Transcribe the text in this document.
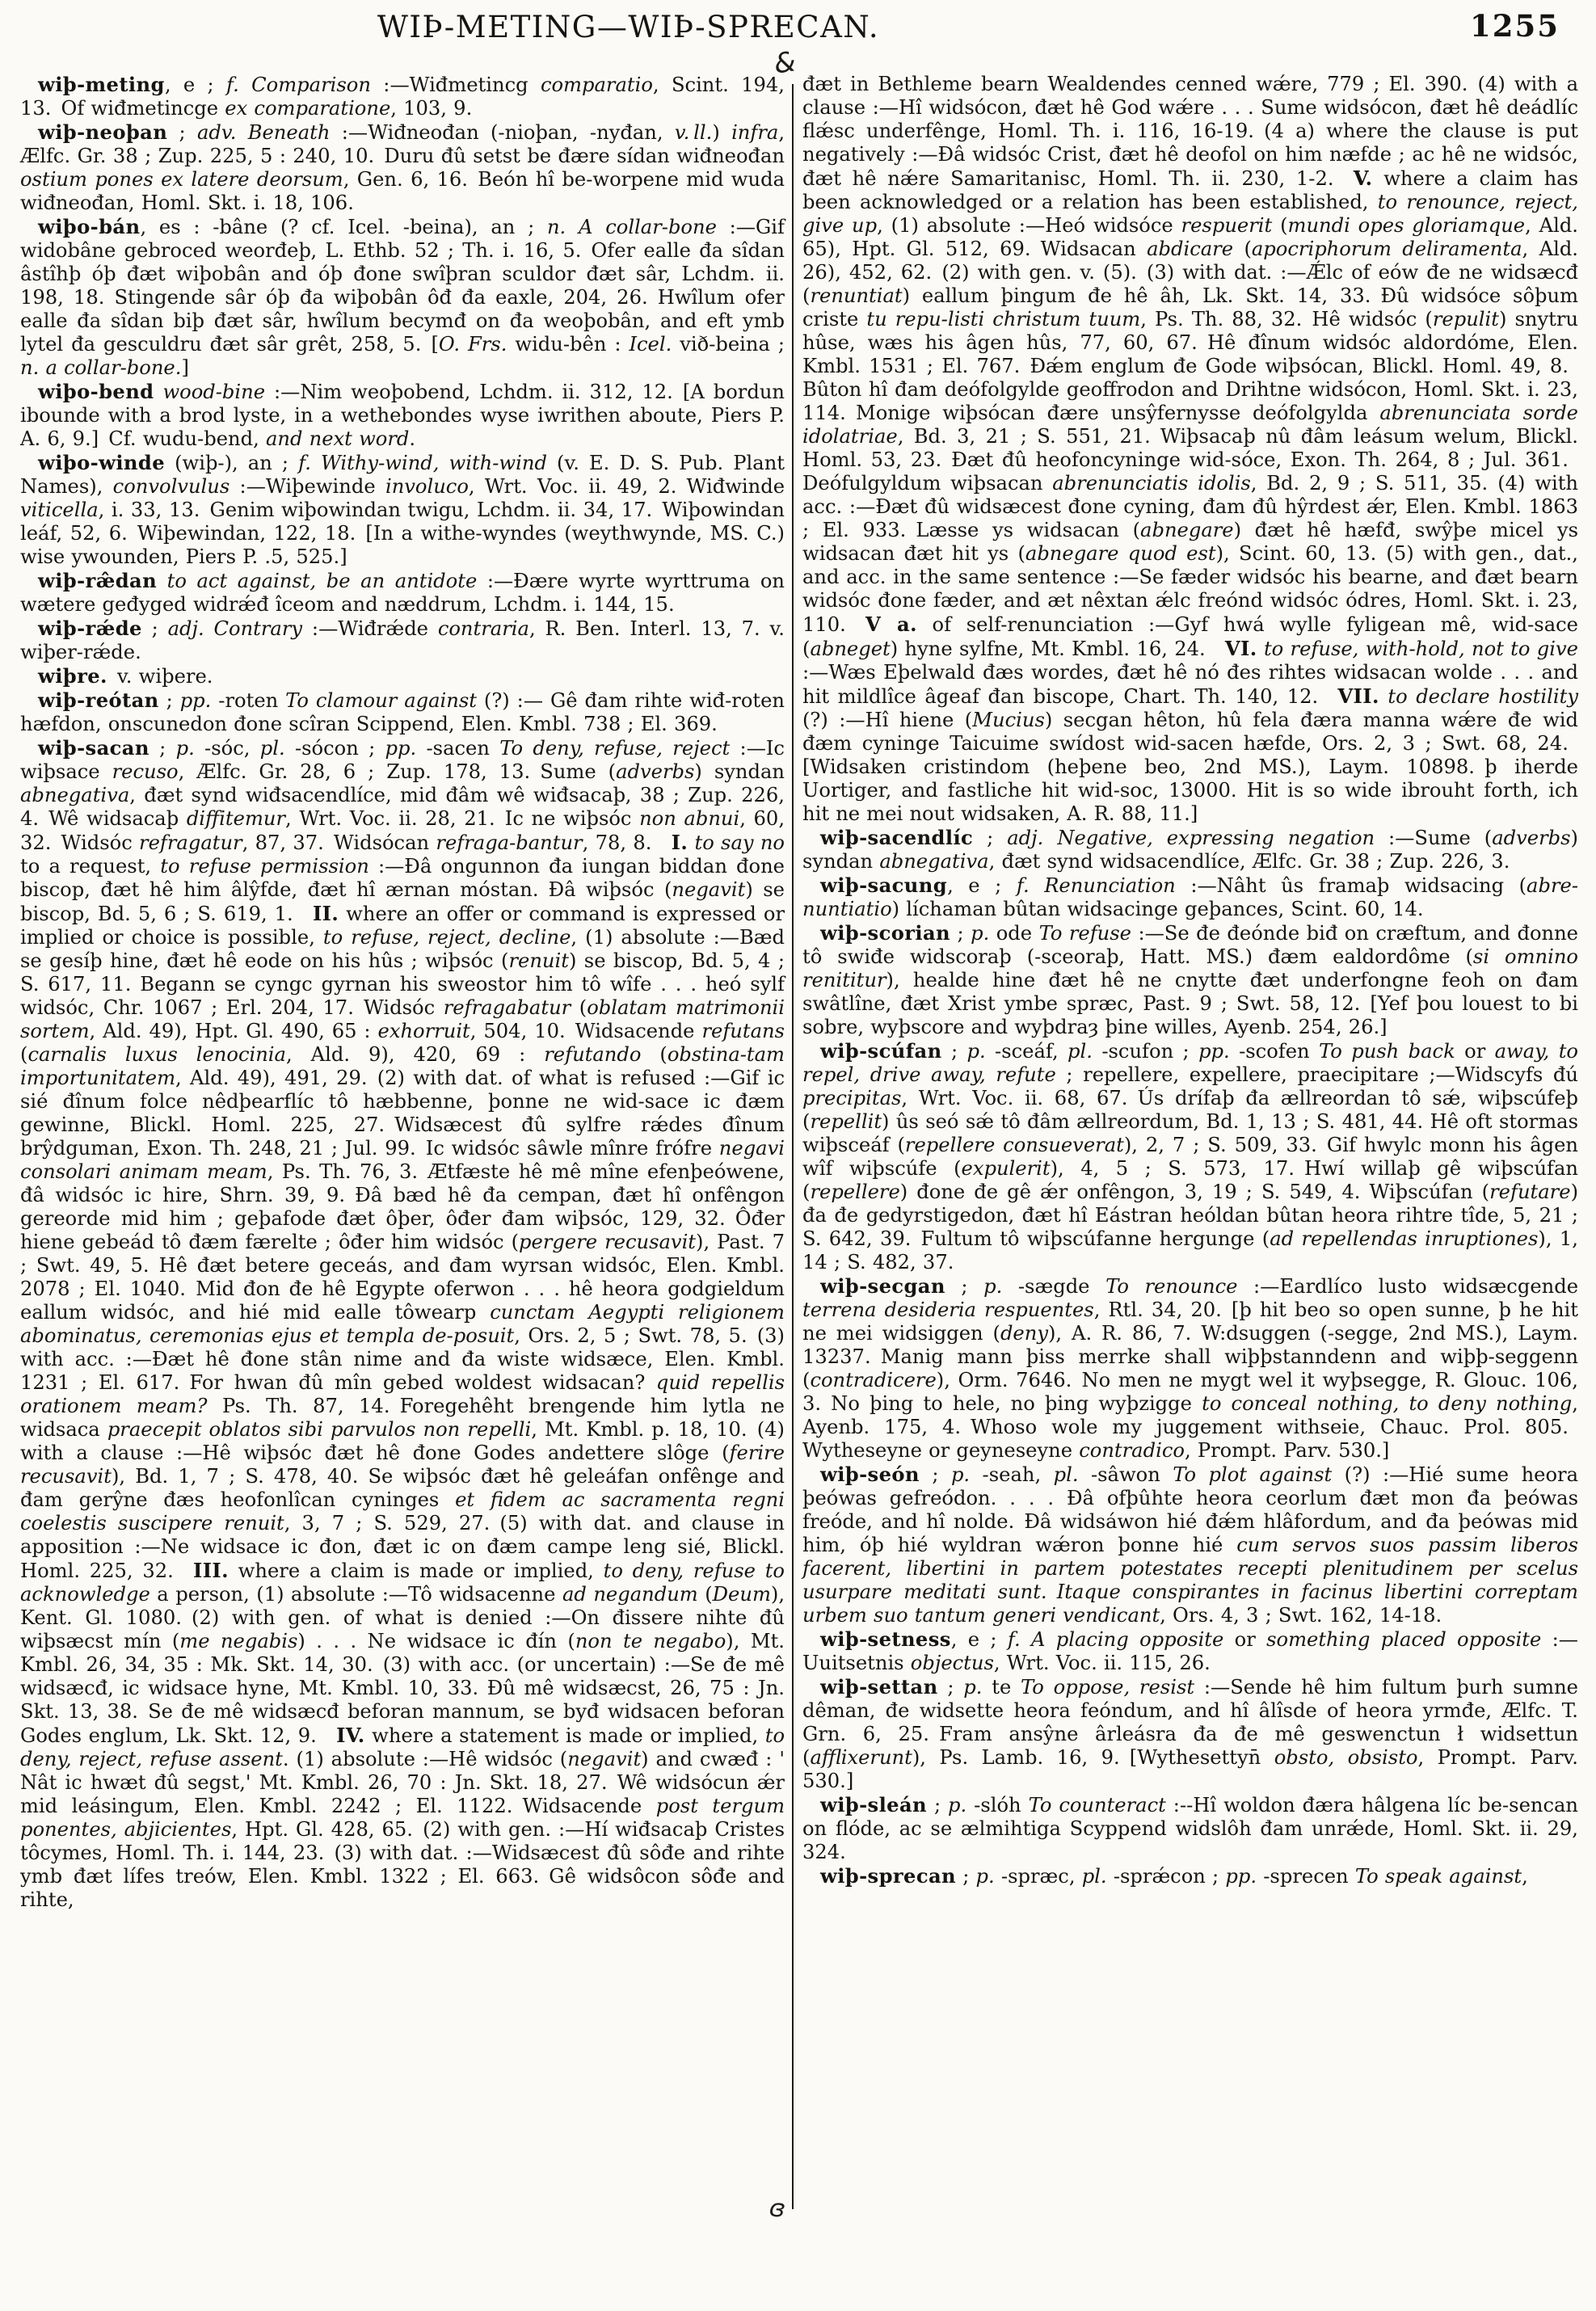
WIÞ-METING—WIÞ-SPRECAN.	1255
&
ɞ

wiþ-meting, e ; f. Comparison :—Wiđmetincg comparatio, Scint. 194, 13. Of wiđmetincge ex comparatione, 103, 9.

wiþ-neoþan ; adv. Beneath :—Wiđneođan (-nioþan, -nyđan, v. ll.) infra, Ælfc. Gr. 38 ; Zup. 225, 5 : 240, 10. Duru đû setst be đære sídan wiđneođan ostium pones ex latere deorsum, Gen. 6, 16. Beón hî be-worpene mid wuda wiđneođan, Homl. Skt. i. 18, 106.

wiþo-bán, es : -bâne (? cf. Icel. -beina), an ; n. A collar-bone :—Gif widobâne gebroced weorđeþ, L. Ethb. 52 ; Th. i. 16, 5. Ofer ealle đa sîdan âstîhþ óþ đæt wiþobân and óþ đone swîþran sculdor đæt sâr, Lchdm. ii. 198, 18. Stingende sâr óþ đa wiþobân ôđ đa eaxle, 204, 26. Hwîlum ofer ealle đa sîdan biþ đæt sâr, hwîlum becymđ on đa weoþobân, and eft ymb lytel đa gesculdru đæt sâr grêt, 258, 5. [O. Frs. widu-bên : Icel. við-beina ; n. a collar-bone.]

wiþo-bend wood-bine :—Nim weoþobend, Lchdm. ii. 312, 12. [A bordun ibounde with a brod lyste, in a wethebondes wyse iwrithen aboute, Piers P. A. 6, 9.] Cf. wudu-bend, and next word.

wiþo-winde (wiþ-), an ; f. Withy-wind, with-wind (v. E. D. S. Pub. Plant Names), convolvulus :—Wiþewinde involuco, Wrt. Voc. ii. 49, 2. Wiđwinde viticella, i. 33, 13. Genim wiþowindan twigu, Lchdm. ii. 34, 17. Wiþowindan leáf, 52, 6. Wiþewindan, 122, 18. [In a withe-wyndes (weythwynde, MS. C.) wise ywounden, Piers P. .5, 525.]

wiþ-ræ̂dan to act against, be an antidote :—Đære wyrte wyrttruma on wætere geđyged widrǽđ îceom and næddrum, Lchdm. i. 144, 15.

wiþ-rǽde ; adj. Contrary :—Wiđrǽde contraria, R. Ben. Interl. 13, 7. v. wiþer-rǽde.

wiþre. v. wiþere.

wiþ-reótan ; pp. -roten To clamour against (?) :— Gê đam rihte wiđ-roten hæfdon, onscunedon đone scîran Scippend, Elen. Kmbl. 738 ; El. 369.

wiþ-sacan ; p. -sóc, pl. -sócon ; pp. -sacen To deny, refuse, reject :—Ic wiþsace recuso, Ælfc. Gr. 28, 6 ; Zup. 178, 13. Sume (adverbs) syndan abnegativa, đæt synd wiđsacendlíce, mid đâm wê wiđsacaþ, 38 ; Zup. 226, 4. Wê widsacaþ diffitemur, Wrt. Voc. ii. 28, 21. Ic ne wiþsóc non abnui, 60, 32. Widsóc refragatur, 87, 37. Widsócan refraga-bantur, 78, 8. I. to say no to a request, to refuse permission :—Đâ ongunnon đa iungan biddan đone biscop, đæt hê him âlŷfde, đæt hî ærnan móstan. Đâ wiþsóc (negavit) se biscop, Bd. 5, 6 ; S. 619, 1. II. where an offer or command is expressed or implied or choice is possible, to refuse, reject, decline, (1) absolute :—Bæd se gesíþ hine, đæt hê eode on his hûs ; wiþsóc (renuit) se biscop, Bd. 5, 4 ; S. 617, 11. Begann se cyngc gyrnan his sweostor him tô wîfe . . . heó sylf widsóc, Chr. 1067 ; Erl. 204, 17. Widsóc refragabatur (oblatam matrimonii sortem, Ald. 49), Hpt. Gl. 490, 65 : exhorruit, 504, 10. Widsacende refutans (carnalis luxus lenocinia, Ald. 9), 420, 69 : refutando (obstina-tam importunitatem, Ald. 49), 491, 29. (2) with dat. of what is refused :—Gif ic sié đînum folce nêdþearflíc tô hæbbenne, þonne ne wid-sace ic đæm gewinne, Blickl. Homl. 225, 27. Widsæcest đû sylfre rǽdes đînum brŷdguman, Exon. Th. 248, 21 ; Jul. 99. Ic widsóc sâwle mînre frófre negavi consolari animam meam, Ps. Th. 76, 3. Ætfæste hê mê mîne efenþeówene, đâ widsóc ic hire, Shrn. 39, 9. Đâ bæd hê đa cempan, đæt hî onfêngon gereorde mid him ; geþafode đæt ôþer, ôđer đam wiþsóc, 129, 32. Ôđer hiene gebeád tô đæm færelte ; ôđer him widsóc (pergere recusavit), Past. 7 ; Swt. 49, 5. Hê đæt betere geceás, and đam wyrsan widsóc, Elen. Kmbl. 2078 ; El. 1040. Mid đon đe hê Egypte oferwon . . . hê heora godgieldum eallum widsóc, and hié mid ealle tôwearp cunctam Aegypti religionem abominatus, ceremonias ejus et templa de-posuit, Ors. 2, 5 ; Swt. 78, 5. (3) with acc. :—Đæt hê đone stân nime and đa wiste widsæce, Elen. Kmbl. 1231 ; El. 617. For hwan đû mîn gebed woldest widsacan? quid repellis orationem meam? Ps. Th. 87, 14. Foregehêht brengende him lytla ne widsaca praecepit oblatos sibi parvulos non repelli, Mt. Kmbl. p. 18, 10. (4) with a clause :—Hê wiþsóc đæt hê đone Godes andettere slôge (ferire recusavit), Bd. 1, 7 ; S. 478, 40. Se wiþsóc đæt hê geleáfan onfênge and đam gerŷne đæs heofonlîcan cyninges et fidem ac sacramenta regni coelestis suscipere renuit, 3, 7 ; S. 529, 27. (5) with dat. and clause in apposition :—Ne widsace ic đon, đæt ic on đæm campe leng sié, Blickl. Homl. 225, 32. III. where a claim is made or implied, to deny, refuse to acknowledge a person, (1) absolute :—Tô widsacenne ad negandum (Deum), Kent. Gl. 1080. (2) with gen. of what is denied :—On đissere nihte đû wiþsæcst mín (me negabis) . . . Ne widsace ic đín (non te negabo), Mt. Kmbl. 26, 34, 35 : Mk. Skt. 14, 30. (3) with acc. (or uncertain) :—Se đe mê widsæcđ, ic widsace hyne, Mt. Kmbl. 10, 33. Đû mê widsæcst, 26, 75 : Jn. Skt. 13, 38. Se đe mê widsæcđ beforan mannum, se byđ widsacen beforan Godes englum, Lk. Skt. 12, 9. IV. where a statement is made or implied, to deny, reject, refuse assent. (1) absolute :—Hê widsóc (negavit) and cwæđ : ' Nât ic hwæt đû segst,' Mt. Kmbl. 26, 70 : Jn. Skt. 18, 27. Wê widsócun ǽr mid leásingum, Elen. Kmbl. 2242 ; El. 1122. Widsacende post tergum ponentes, abjicientes, Hpt. Gl. 428, 65. (2) with gen. :—Hí wiđsacaþ Cristes tôcymes, Homl. Th. i. 144, 23. (3) with dat. :—Widsæcest đû sôđe and rihte ymb đæt lífes treów, Elen. Kmbl. 1322 ; El. 663. Gê widsôcon sôđe and rihte,

đæt in Bethleme bearn Wealdendes cenned wǽre, 779 ; El. 390. (4) with a clause :—Hî widsócon, đæt hê God wǽre . . . Sume widsócon, đæt hê deádlíc flǽsc underfênge, Homl. Th. i. 116, 16-19. (4 a) where the clause is put negatively :—Đâ widsóc Crist, đæt hê deofol on him næfde ; ac hê ne widsóc, đæt hê nǽre Samaritanisc, Homl. Th. ii. 230, 1-2. V. where a claim has been acknowledged or a relation has been established, to renounce, reject, give up, (1) absolute :—Heó widsóce respuerit (mundi opes gloriamque, Ald. 65), Hpt. Gl. 512, 69. Widsacan abdicare (apocriphorum deliramenta, Ald. 26), 452, 62. (2) with gen. v. (5). (3) with dat. :—Ǽlc of eów đe ne widsæcđ (renuntiat) eallum þingum đe hê âh, Lk. Skt. 14, 33. Đû widsóce sôþum criste tu repu-listi christum tuum, Ps. Th. 88, 32. Hê widsóc (repulit) snytru hûse, wæs his âgen hûs, 77, 60, 67. Hê đînum widsóc aldordóme, Elen. Kmbl. 1531 ; El. 767. Đǽm englum đe Gode wiþsócan, Blickl. Homl. 49, 8. Bûton hî đam deófolgylde geoffrodon and Drihtne widsócon, Homl. Skt. i. 23, 114. Monige wiþsócan đære unsŷfernysse deófolgylda abrenunciata sorde idolatriae, Bd. 3, 21 ; S. 551, 21. Wiþsacaþ nû đâm leásum welum, Blickl. Homl. 53, 23. Đæt đû heofoncyninge wid-sóce, Exon. Th. 264, 8 ; Jul. 361. Deófulgyldum wiþsacan abrenunciatis idolis, Bd. 2, 9 ; S. 511, 35. (4) with acc. :—Đæt đû widsæcest đone cyning, đam đû hŷrdest ǽr, Elen. Kmbl. 1863 ; El. 933. Læsse ys widsacan (abnegare) đæt hê hæfđ, swŷþe micel ys widsacan đæt hit ys (abnegare quod est), Scint. 60, 13. (5) with gen., dat., and acc. in the same sentence :—Se fæder widsóc his bearne, and đæt bearn widsóc đone fæder, and æt nêxtan ǽlc freónd widsóc ódres, Homl. Skt. i. 23, 110. V a. of self-renunciation :—Gyf hwá wylle fyligean mê, wid-sace (abneget) hyne sylfne, Mt. Kmbl. 16, 24. VI. to refuse, with-hold, not to give :—Wæs Eþelwald đæs wordes, đæt hê nó đes rihtes widsacan wolde . . . and hit mildlîce âgeaf đan biscope, Chart. Th. 140, 12. VII. to declare hostility (?) :—Hî hiene (Mucius) secgan hêton, hû fela đæra manna wǽre đe wid đæm cyninge Taicuime swídost wid-sacen hæfde, Ors. 2, 3 ; Swt. 68, 24. [Widsaken cristindom (heþene beo, 2nd MS.), Laym. 10898. þ iherde Uortiger, and fastliche hit wid-soc, 13000. Hit is so wide ibrouht forth, ich hit ne mei nout widsaken, A. R. 88, 11.]

wiþ-sacendlíc ; adj. Negative, expressing negation :—Sume (adverbs) syndan abnegativa, đæt synd widsacendlíce, Ælfc. Gr. 38 ; Zup. 226, 3.

wiþ-sacung, e ; f. Renunciation :—Nâht ûs framaþ widsacing (abre-nuntiatio) líchaman bûtan widsacinge geþances, Scint. 60, 14.

wiþ-scorian ; p. ode To refuse :—Se đe đeónde biđ on cræftum, and đonne tô swiđe widscoraþ (-sceoraþ, Hatt. MS.) đæm ealdordôme (si omnino renititur), healde hine đæt hê ne cnytte đæt underfongne feoh on đam swâtlîne, đæt Xrist ymbe spræc, Past. 9 ; Swt. 58, 12. [Yef þou louest to bi sobre, wyþscore and wyþdraȝ þine willes, Ayenb. 254, 26.]

wiþ-scúfan ; p. -sceáf, pl. -scufon ; pp. -scofen To push back or away, to repel, drive away, refute ; repellere, expellere, praecipitare ;—Widscyfs đú precipitas, Wrt. Voc. ii. 68, 67. Ús drífaþ đa ællreordan tô sǽ, wiþscúfeþ (repellit) ûs seó sǽ tô đâm ællreordum, Bd. 1, 13 ; S. 481, 44. Hê oft stormas wiþsceáf (repellere consueverat), 2, 7 ; S. 509, 33. Gif hwylc monn his âgen wîf wiþscúfe (expulerit), 4, 5 ; S. 573, 17. Hwí willaþ gê wiþscúfan (repellere) đone đe gê ǽr onfêngon, 3, 19 ; S. 549, 4. Wiþscúfan (refutare) đa đe gedyrstigedon, đæt hî Eástran heóldan bûtan heora rihtre tîde, 5, 21 ; S. 642, 39. Fultum tô wiþscúfanne hergunge (ad repellendas inruptiones), 1, 14 ; S. 482, 37.

wiþ-secgan ; p. -sægde To renounce :—Eardlíco lusto widsæcgende terrena desideria respuentes, Rtl. 34, 20. [þ hit beo so open sunne, þ he hit ne mei widsiggen (deny), A. R. 86, 7. W:dsuggen (-segge, 2nd MS.), Laym. 13237. Manig mann þiss merrke shall wiþþstanndenn and wiþþ-seggenn (contradicere), Orm. 7646. No men ne mygt wel it wyþsegge, R. Glouc. 106, 3. No þing to hele, no þing wyþzigge to conceal nothing, to deny nothing, Ayenb. 175, 4. Whoso wole my juggement withseie, Chauc. Prol. 805. Wytheseyne or geyneseyne contradico, Prompt. Parv. 530.]

wiþ-seón ; p. -seah, pl. -sâwon To plot against (?) :—Hié sume heora þeówas gefreódon. . . . Đâ ofþûhte heora ceorlum đæt mon đa þeówas freóde, and hî nolde. Đâ widsáwon hié đǽm hlâfordum, and đa þeówas mid him, óþ hié wyldran wǽron þonne hié cum servos suos passim liberos facerent, libertini in partem potestates recepti plenitudinem per scelus usurpare meditati sunt. Itaque conspirantes in facinus libertini correptam urbem suo tantum generi vendicant, Ors. 4, 3 ; Swt. 162, 14-18.

wiþ-setness, e ; f. A placing opposite or something placed opposite :—Uuitsetnis objectus, Wrt. Voc. ii. 115, 26.

wiþ-settan ; p. te To oppose, resist :—Sende hê him fultum þurh sumne dêman, đe widsette heora feóndum, and hî âlîsde of heora yrmđe, Ælfc. T. Grn. 6, 25. Fram ansŷne ârleásra đa đe mê geswenctun ł widsettun (afflixerunt), Ps. Lamb. 16, 9. [Wythesettyn̄ obsto, obsisto, Prompt. Parv. 530.]

wiþ-sleán ; p. -slóh To counteract :--Hî woldon đæra hâlgena líc be-sencan on flóde, ac se ælmihtiga Scyppend widslôh đam unrǽde, Homl. Skt. ii. 29, 324.

wiþ-sprecan ; p. -spræc, pl. -sprǽcon ; pp. -sprecen To speak against,
